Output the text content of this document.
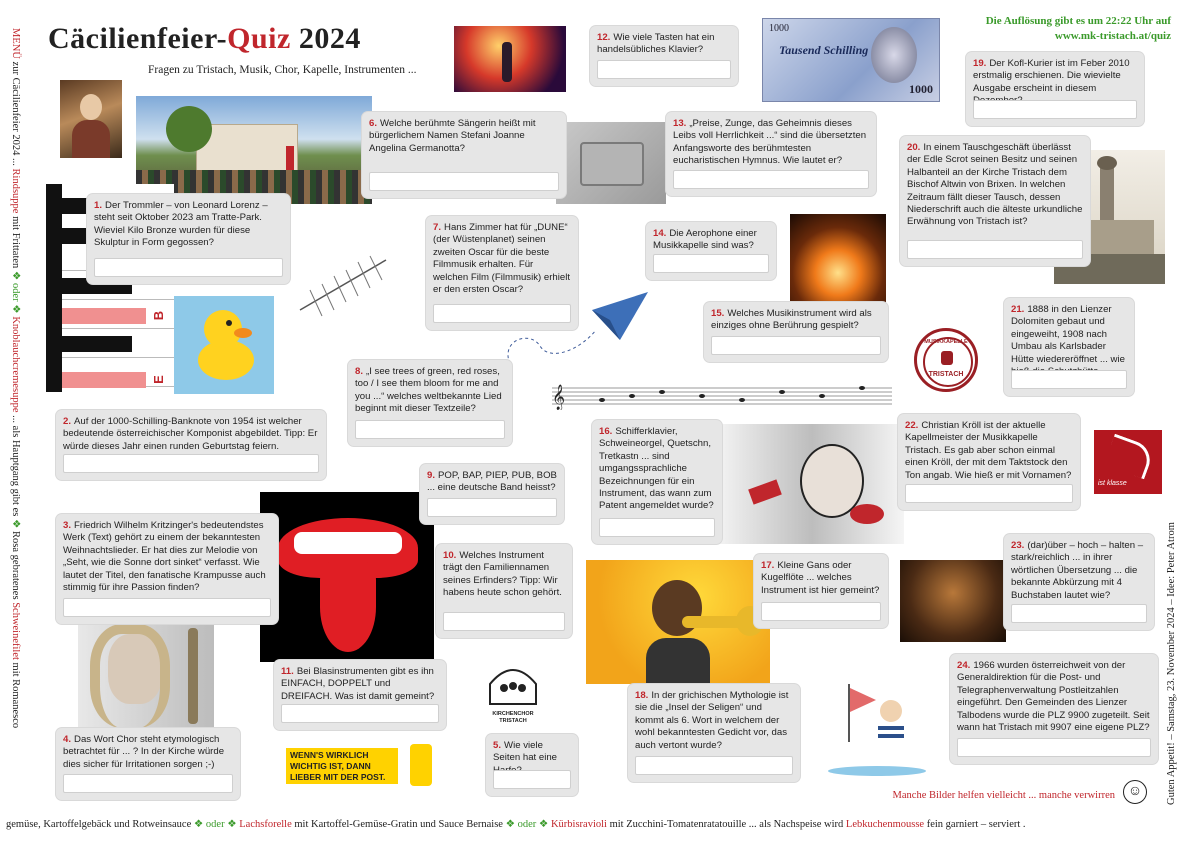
Cäcilienfeier-Quiz 2024
Fragen zu Tristach, Musik, Chor, Kapelle, Instrumenten ...
Die Auflösung gibt es um 22:22 Uhr auf
www.mk-tristach.at/quiz
MENÜ zur Cäcilienfeier 2024 ... Rindsuppe mit Frittaten ❖ oder ❖ Knoblauchcremesuppe ... als Hauptgang gibt es ❖ Rosa gebratenes Schweinefilet mit Romanesco	Guten Appetit! – Samstag, 23. November 2024 – Idee: Peter Atrom
gemüse, Kartoffelgebäck und Rotweinsauce ❖ oder ❖ Lachsforelle mit Kartoffel-Gemüse-Gratin und Sauce Bernaise ❖ oder ❖ Kürbisravioli mit Zucchini-Tomatenratatouille ... als Nachspeise wird Lebkuchenmousse fein garniert – serviert .
Manche Bilder helfen vielleicht ... manche verwirren ☺
B
E
1000
Tausend Schilling
1000
MUSIKKAPELLE
TRISTACH
𝄞
ist klasse
KIRCHENCHOR TRISTACH
WENN'S WIRKLICH WICHTIG IST, DANN LIEBER MIT DER POST.
1. Der Trommler – von Leonard Lorenz – steht seit Oktober 2023 am Tratte-Park. Wieviel Kilo Bronze wurden für diese Skulptur in Form gegossen?
2. Auf der 1000-Schilling-Banknote von 1954 ist welcher bedeutende österreichischer Komponist abgebildet. Tipp: Er würde dieses Jahr einen runden Geburtstag feiern.
3. Friedrich Wilhelm Kritzinger's bedeutendstes Werk (Text) gehört zu einem der bekanntesten Weihnachtslieder. Er hat dies zur Melodie von „Seht, wie die Sonne dort sinket“ verfasst. Wie lautet der Titel, den fanatische Krampusse auch stimmig für ihre Passion finden?
4. Das Wort Chor steht etymologisch betrachtet für ... ? In der Kirche würde dies sicher für Irritationen sorgen ;-)
5. Wie viele Seiten hat eine
6. Welche berühmte Sängerin heißt mit bürgerlichem Namen Stefani Joanne Angelina Germanotta?
7. Hans Zimmer hat für „DUNE“ (der Wüstenplanet) seinen zweiten Oscar für die beste Filmmusik erhalten. Für welchen Film (Filmmusik) erhielt er den ersten Oscar?
8. „I see trees of green, red roses, too / I see them bloom for me and you ...“ welches weltbekannte Lied beginnt mit dieser Textzeile?
9. POP, BAP, PIEP, PUB, BOB ... eine deutsche Band heisst?
10. Welches Instrument trägt den Familiennamen seines Erfinders? Tipp: Wir habens heute schon gehört.
11. Bei Blasinstrumenten gibt es ihn EINFACH, DOPPELT und DREIFACH. Was ist damit gemeint?
12. Wie viele Tasten hat ein handelsübliches Klavier?
13. „Preise, Zunge, das Geheimnis dieses Leibs voll Herrlichkeit ...“ sind die übersetzten Anfangsworte des berühmtesten eucharistischen Hymnus. Wie lautet er?
14. Die Aerophone einer Musikkapelle sind was?
15. Welches Musikinstrument wird als einziges ohne Berührung gespielt?
16. Schifferklavier, Schweineorgel, Quetschn, Tretkastn ... sind umgangssprachliche Bezeichnungen für ein Instrument, das wann zum Patent angemeldet wurde?
17. Kleine Gans oder Kugelflöte ... welches Instrument ist hier gemeint?
18. In der grichischen Mythologie ist sie die „Insel der Seligen“ und kommt als 6. Wort in welchem der wohl bekanntesten Gedicht vor, das auch vertont wurde?
19. Der Kofl-Kurier ist im Feber 2010 erstmalig erschienen. Die wievielte Ausgabe erscheint in diesem
20. In einem Tauschgeschäft überlässt der Edle Scrot seinen Besitz und seinen Halbanteil an der Kirche Tristach dem Bischof Altwin von Brixen. In welchen Zeitraum fällt dieser Tausch, dessen Niederschrift auch die älteste urkundliche Erwähnung von Tristach ist?
21. 1888 in den Lienzer Dolomiten gebaut und eingeweiht, 1908 nach Umbau als Karlsbader Hütte wiedereröffnet ... wie
22. Christian Kröll ist der aktuelle Kapellmeister der Musikkapelle Tristach. Es gab aber schon einmal einen Kröll, der mit dem Taktstock den Ton angab. Wie hieß er mit Vornamen?
23. (dar)über – hoch – halten – stark/reichlich ... in ihrer wörtlichen Übersetzung ... die bekannte Abkürzung mit 4 Buchstaben lautet wie?
24. 1966 wurden österreichweit von der Generaldirektion für die Post- und Telegraphenverwaltung Postleitzahlen eingeführt. Den Gemeinden des Lienzer Talbodens wurde die PLZ 9900 zugeteilt. Seit wann hat Tristach mit 9907 eine eigene PLZ?
